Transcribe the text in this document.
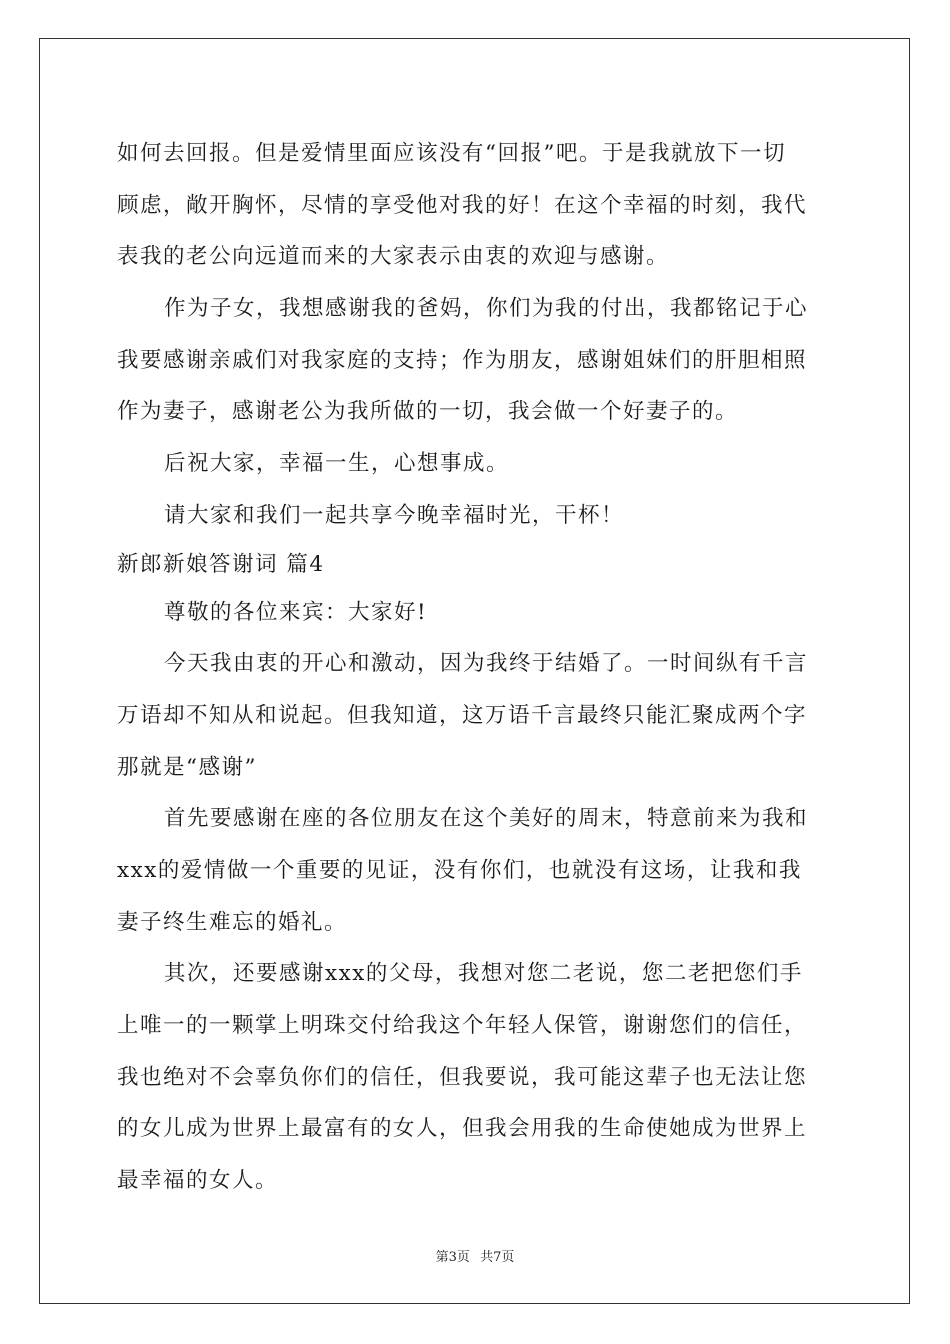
如何去回报。但是爱情里面应该没有“回报”吧。于是我就放下一切
顾虑，敞开胸怀，尽情的享受他对我的好！在这个幸福的时刻，我代
表我的老公向远道而来的大家表示由衷的欢迎与感谢。
作为子女，我想感谢我的爸妈，你们为我的付出，我都铭记于心
我要感谢亲戚们对我家庭的支持；作为朋友，感谢姐妹们的肝胆相照
作为妻子，感谢老公为我所做的一切，我会做一个好妻子的。
后祝大家，幸福一生，心想事成。
请大家和我们一起共享今晚幸福时光，干杯！
新郎新娘答谢词 篇4
尊敬的各位来宾：大家好!
今天我由衷的开心和激动，因为我终于结婚了。一时间纵有千言
万语却不知从和说起。但我知道，这万语千言最终只能汇聚成两个字
那就是“感谢”
首先要感谢在座的各位朋友在这个美好的周末，特意前来为我和
xxx的爱情做一个重要的见证，没有你们，也就没有这场，让我和我
妻子终生难忘的婚礼。
其次，还要感谢xxx的父母，我想对您二老说，您二老把您们手
上唯一的一颗掌上明珠交付给我这个年轻人保管，谢谢您们的信任，
我也绝对不会辜负你们的信任，但我要说，我可能这辈子也无法让您
的女儿成为世界上最富有的女人，但我会用我的生命使她成为世界上
最幸福的女人。
第3页 共7页
